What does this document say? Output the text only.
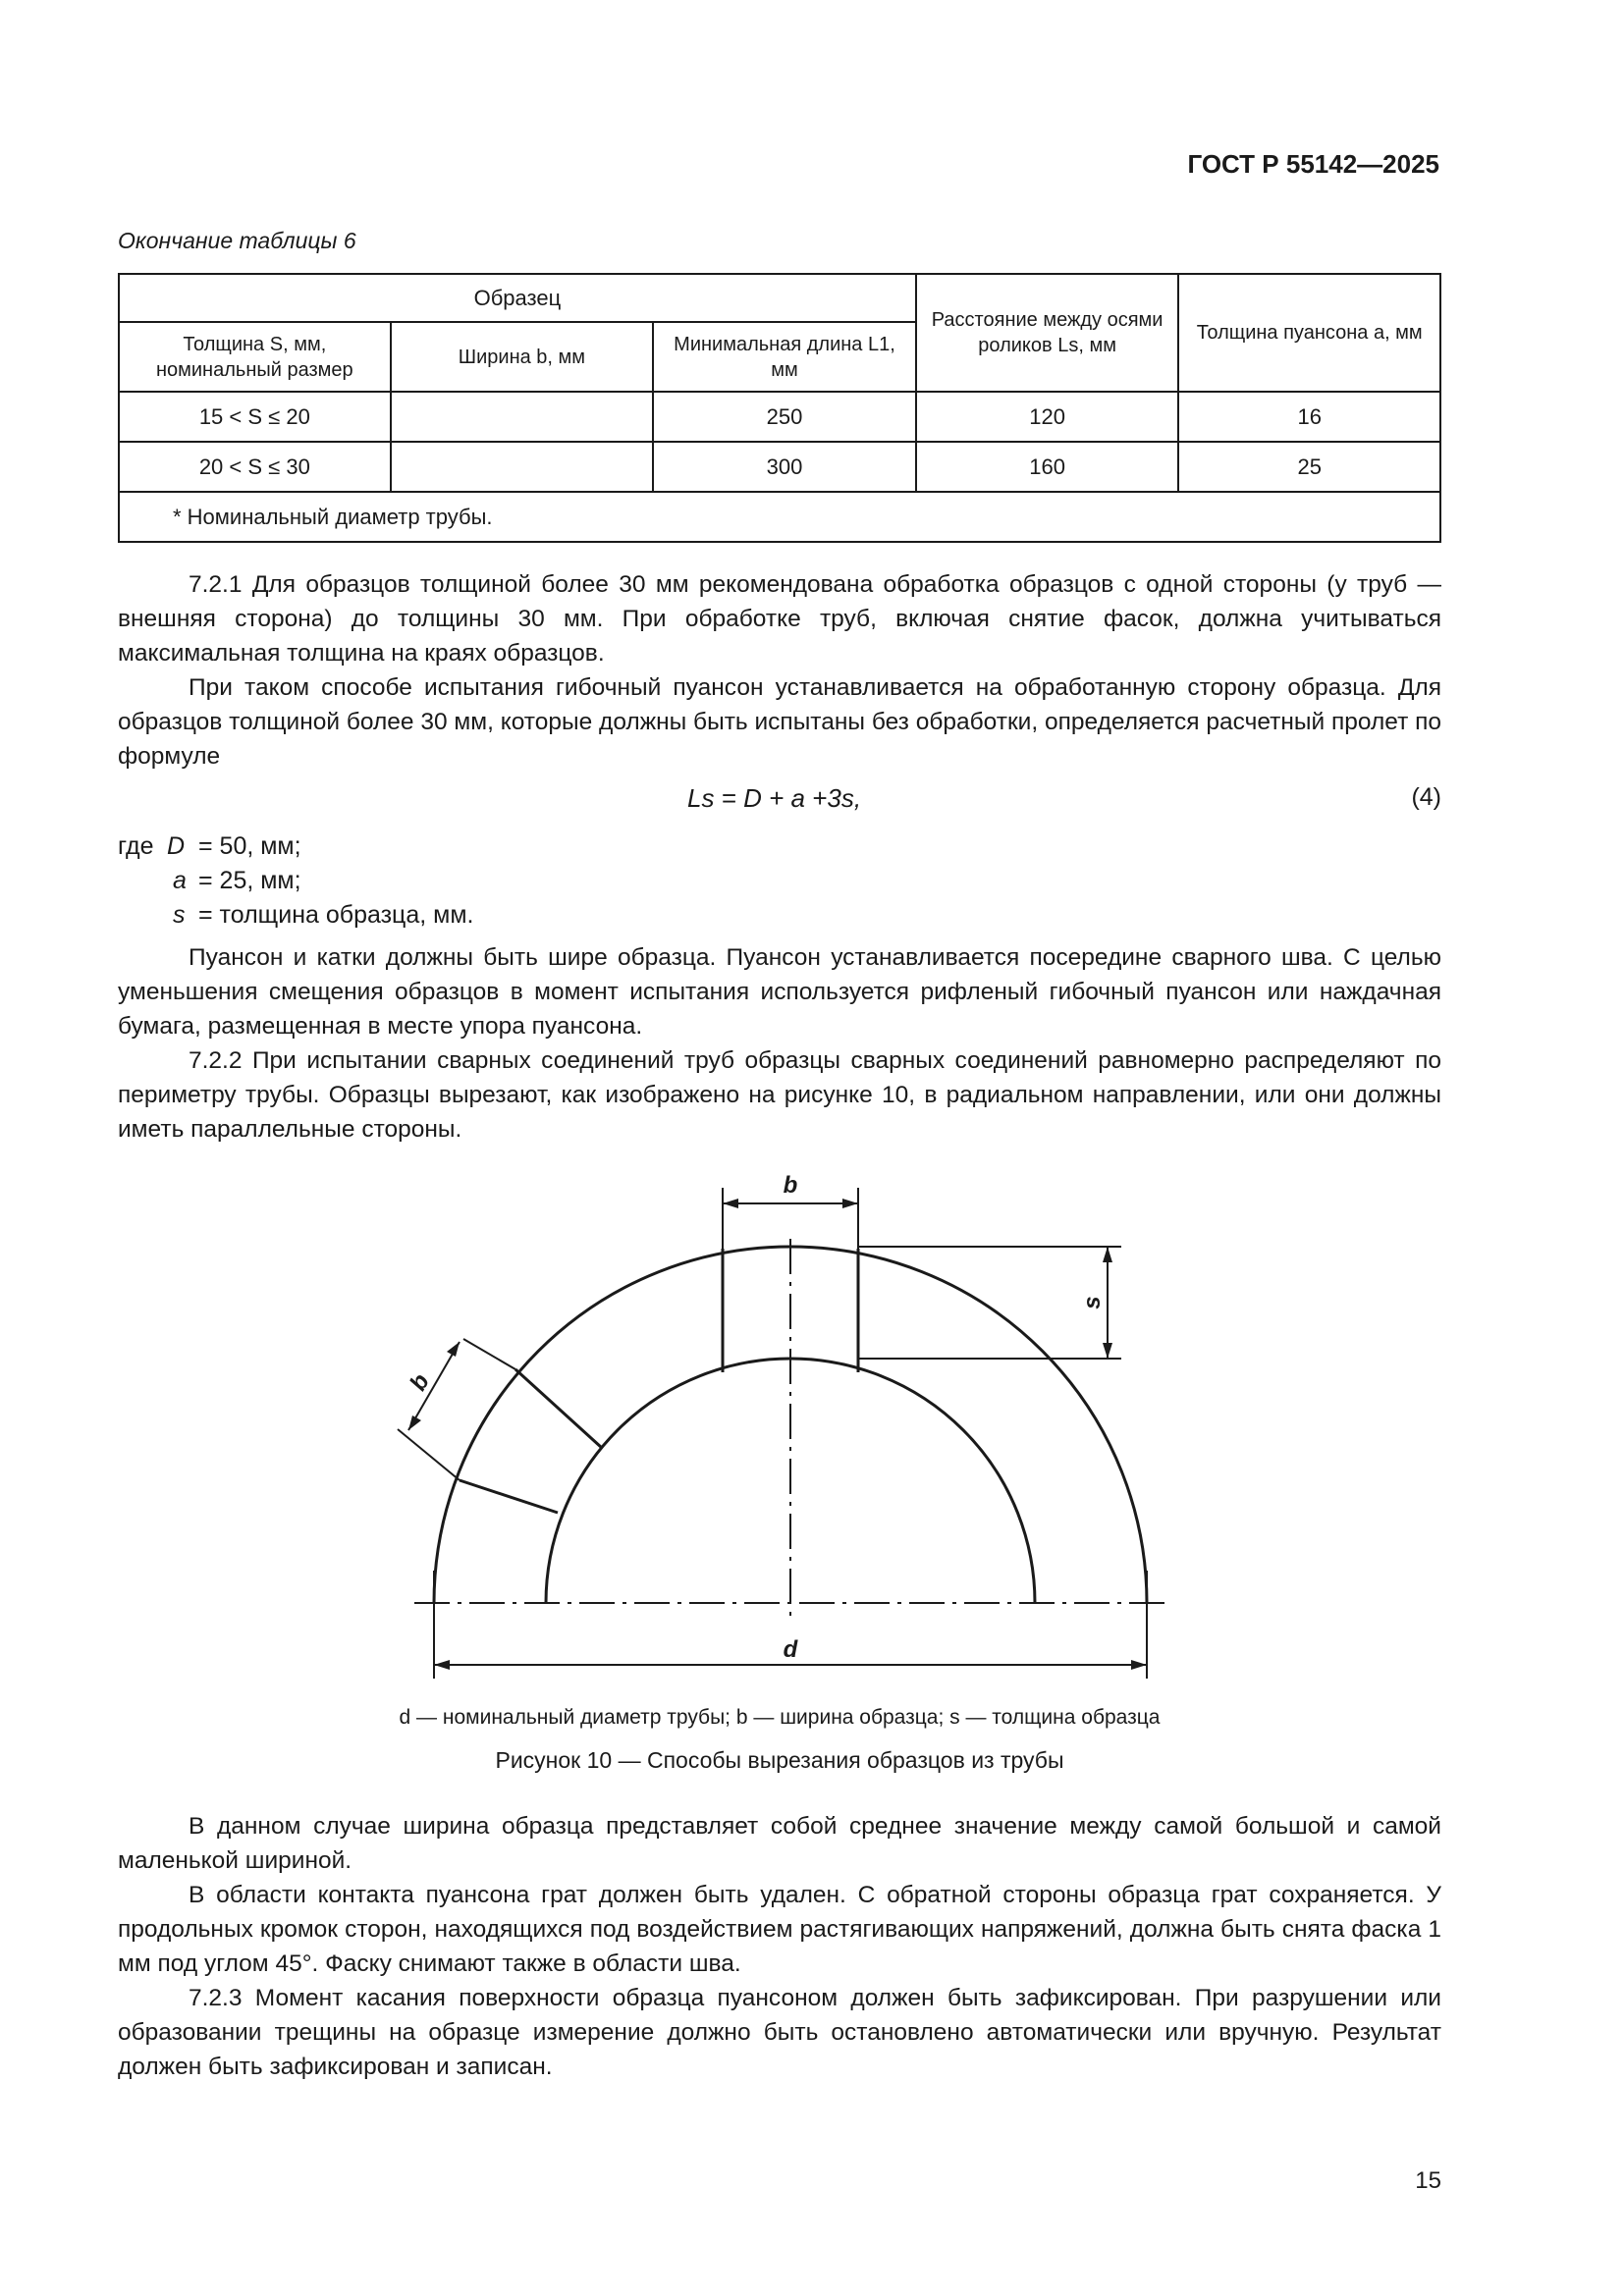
ГОСТ Р 55142—2025
Окончание таблицы 6
Образец			Расстояние между осями роликов Ls, мм	Толщина пуансона a, мм
Толщина S, мм, номинальный размер	Ширина b, мм	Минимальная длина L1, мм		
15 < S ≤ 20		250	120	16
20 < S ≤ 30		300	160	25
* Номинальный диаметр трубы.				

7.2.1 Для образцов толщиной более 30 мм рекомендована обработка образцов с одной стороны (у труб — внешняя сторона) до толщины 30 мм. При обработке труб, включая снятие фасок, должна учитываться максимальная толщина на краях образцов.

При таком способе испытания гибочный пуансон устанавливается на обработанную сторону образца. Для образцов толщиной более 30 мм, которые должны быть испытаны без обработки, определяется расчетный пролет по формуле

Ls = D + a +3s,	(4)
где D = 50, мм;
a = 25, мм;
s = толщина образца, мм.

Пуансон и катки должны быть шире образца. Пуансон устанавливается посередине сварного шва. С целью уменьшения смещения образцов в момент испытания используется рифленый гибочный пуансон или наждачная бумага, размещенная в месте упора пуансона.

7.2.2 При испытании сварных соединений труб образцы сварных соединений равномерно распределяют по периметру трубы. Образцы вырезают, как изображено на рисунке 10, в радиальном направлении, или они должны иметь параллельные стороны.

b
s
b
d
d — номинальный диаметр трубы; b — ширина образца; s — толщина образца
Рисунок 10 — Способы вырезания образцов из трубы

В данном случае ширина образца представляет собой среднее значение между самой большой и самой маленькой шириной.

В области контакта пуансона грат должен быть удален. С обратной стороны образца грат сохраняется. У продольных кромок сторон, находящихся под воздействием растягивающих напряжений, должна быть снята фаска 1 мм под углом 45°. Фаску снимают также в области шва.

7.2.3 Момент касания поверхности образца пуансоном должен быть зафиксирован. При разрушении или образовании трещины на образце измерение должно быть остановлено автоматически или вручную. Результат должен быть зафиксирован и записан.

15
